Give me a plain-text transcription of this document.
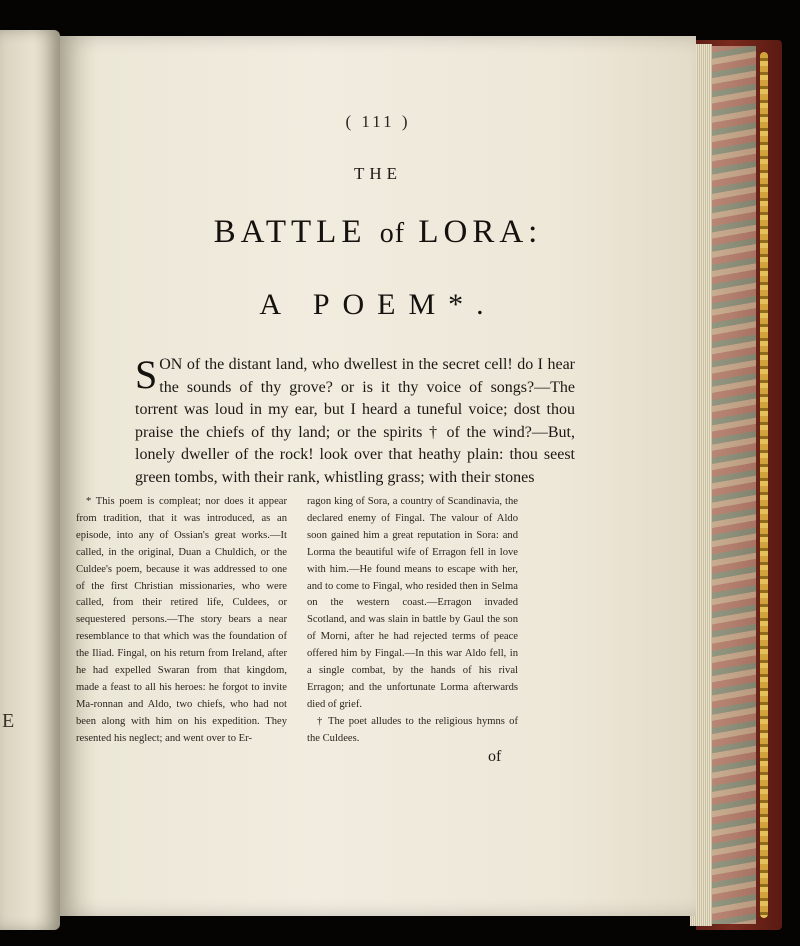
E
( 111 )
THE
BATTLE of LORA:
A POEM*.
SON of the distant land, who dwellest in the secret cell! do I hear the sounds of thy grove? or is it thy voice of songs?—The torrent was loud in my ear, but I heard a tuneful voice; dost thou praise the chiefs of thy land; or the spirits † of the wind?—But, lonely dweller of the rock! look over that heathy plain: thou seest green tombs, with their rank, whistling grass; with their stones

* This poem is compleat; nor does it appear from tradition, that it was introduced, as an episode, into any of Ossian's great works.—It called, in the original, Duan a Chuldich, or the Culdee's poem, because it was addressed to one of the first Christian missionaries, who were called, from their retired life, Culdees, or sequestered persons.—The story bears a near resemblance to that which was the foundation of the Iliad. Fingal, on his return from Ireland, after he had expelled Swaran from that kingdom, made a feast to all his heroes: he forgot to invite Ma-ronnan and Aldo, two chiefs, who had not been along with him on his expedition. They resented his neglect; and went over to Er-

ragon king of Sora, a country of Scandinavia, the declared enemy of Fingal. The valour of Aldo soon gained him a great reputation in Sora: and Lorma the beautiful wife of Erragon fell in love with him.—He found means to escape with her, and to come to Fingal, who resided then in Selma on the western coast.—Erragon invaded Scotland, and was slain in battle by Gaul the son of Morni, after he had rejected terms of peace offered him by Fingal.—In this war Aldo fell, in a single combat, by the hands of his rival Erragon; and the unfortunate Lorma afterwards died of grief.

† The poet alludes to the religious hymns of the Culdees.

of
